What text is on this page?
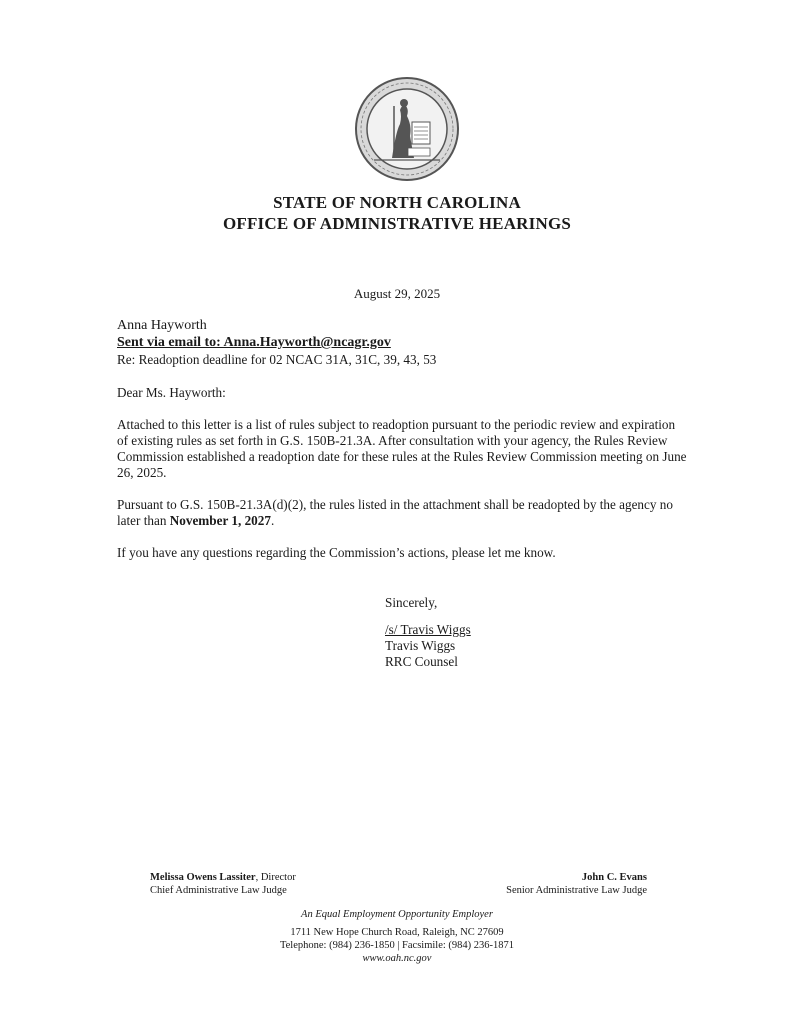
STATE OF NORTH CAROLINA
OFFICE OF ADMINISTRATIVE HEARINGS
August 29, 2025
Anna Hayworth
Sent via email to: Anna.Hayworth@ncagr.gov
Re: Readoption deadline for 02 NCAC 31A, 31C, 39, 43, 53
Dear Ms. Hayworth:
Attached to this letter is a list of rules subject to readoption pursuant to the periodic review and expiration of existing rules as set forth in G.S. 150B-21.3A. After consultation with your agency, the Rules Review Commission established a readoption date for these rules at the Rules Review Commission meeting on June 26, 2025.
Pursuant to G.S. 150B-21.3A(d)(2), the rules listed in the attachment shall be readopted by the agency no later than November 1, 2027.
If you have any questions regarding the Commission’s actions, please let me know.
Sincerely,
/s/ Travis Wiggs
Travis Wiggs
RRC Counsel
Melissa Owens Lassiter, Director
Chief Administrative Law Judge
John C. Evans
Senior Administrative Law Judge
An Equal Employment Opportunity Employer
1711 New Hope Church Road, Raleigh, NC 27609
Telephone: (984) 236-1850 | Facsimile: (984) 236-1871
www.oah.nc.gov
